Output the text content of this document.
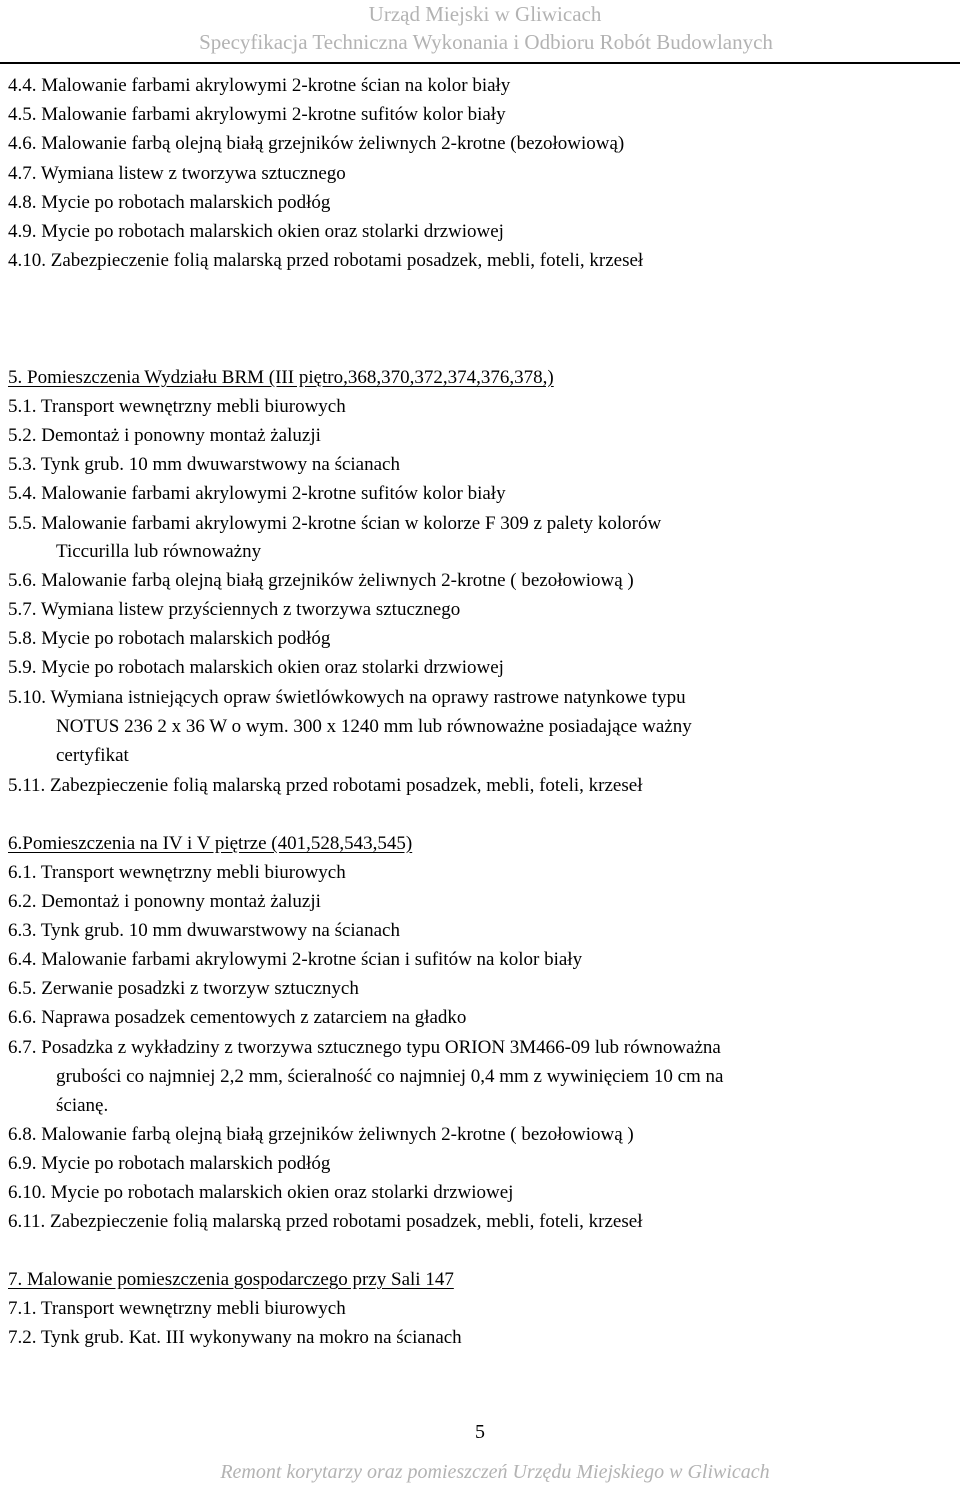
Urząd Miejski w Gliwicach
Specyfikacja Techniczna Wykonania i Odbioru Robót Budowlanych
4.4. Malowanie farbami akrylowymi 2-krotne ścian na kolor biały
4.5. Malowanie farbami akrylowymi 2-krotne sufitów kolor biały
4.6. Malowanie farbą olejną białą grzejników żeliwnych 2-krotne (bezołowiową)
4.7. Wymiana listew z tworzywa sztucznego
4.8. Mycie po robotach malarskich podłóg
4.9. Mycie po robotach malarskich okien oraz stolarki drzwiowej
4.10. Zabezpieczenie folią malarską przed robotami posadzek, mebli, foteli, krzeseł
5. Pomieszczenia Wydziału BRM (III piętro,368,370,372,374,376,378,)
5.1. Transport wewnętrzny mebli biurowych
5.2. Demontaż i ponowny montaż żaluzji
5.3. Tynk grub. 10 mm dwuwarstwowy na ścianach
5.4. Malowanie farbami akrylowymi 2-krotne sufitów kolor biały
5.5. Malowanie farbami akrylowymi 2-krotne ścian w kolorze F 309 z palety kolorów
Ticcurilla lub równoważny
5.6. Malowanie farbą olejną białą grzejników żeliwnych 2-krotne ( bezołowiową )
5.7. Wymiana listew przyściennych z tworzywa sztucznego
5.8. Mycie po robotach malarskich podłóg
5.9. Mycie po robotach malarskich okien oraz stolarki drzwiowej
5.10. Wymiana istniejących opraw świetlówkowych na oprawy rastrowe natynkowe typu
NOTUS 236 2 x 36 W o wym. 300 x 1240 mm lub równoważne posiadające ważny
certyfikat
5.11. Zabezpieczenie folią malarską przed robotami posadzek, mebli, foteli, krzeseł
6.Pomieszczenia na IV i V piętrze (401,528,543,545)
6.1. Transport wewnętrzny mebli biurowych
6.2. Demontaż i ponowny montaż żaluzji
6.3. Tynk grub. 10 mm dwuwarstwowy na ścianach
6.4. Malowanie farbami akrylowymi 2-krotne ścian i sufitów na kolor biały
6.5. Zerwanie posadzki z tworzyw sztucznych
6.6. Naprawa posadzek cementowych z zatarciem na gładko
6.7. Posadzka z wykładziny z tworzywa sztucznego typu ORION 3M466-09 lub równoważna
grubości co najmniej 2,2 mm, ścieralność co najmniej 0,4 mm z wywinięciem 10 cm na
ścianę.
6.8. Malowanie farbą olejną białą grzejników żeliwnych 2-krotne ( bezołowiową )
6.9. Mycie po robotach malarskich podłóg
6.10. Mycie po robotach malarskich okien oraz stolarki drzwiowej
6.11. Zabezpieczenie folią malarską przed robotami posadzek, mebli, foteli, krzeseł
7. Malowanie pomieszczenia gospodarczego przy Sali 147
7.1. Transport wewnętrzny mebli biurowych
7.2. Tynk grub. Kat. III wykonywany na mokro na ścianach
5
Remont korytarzy oraz pomieszczeń Urzędu Miejskiego w Gliwicach
